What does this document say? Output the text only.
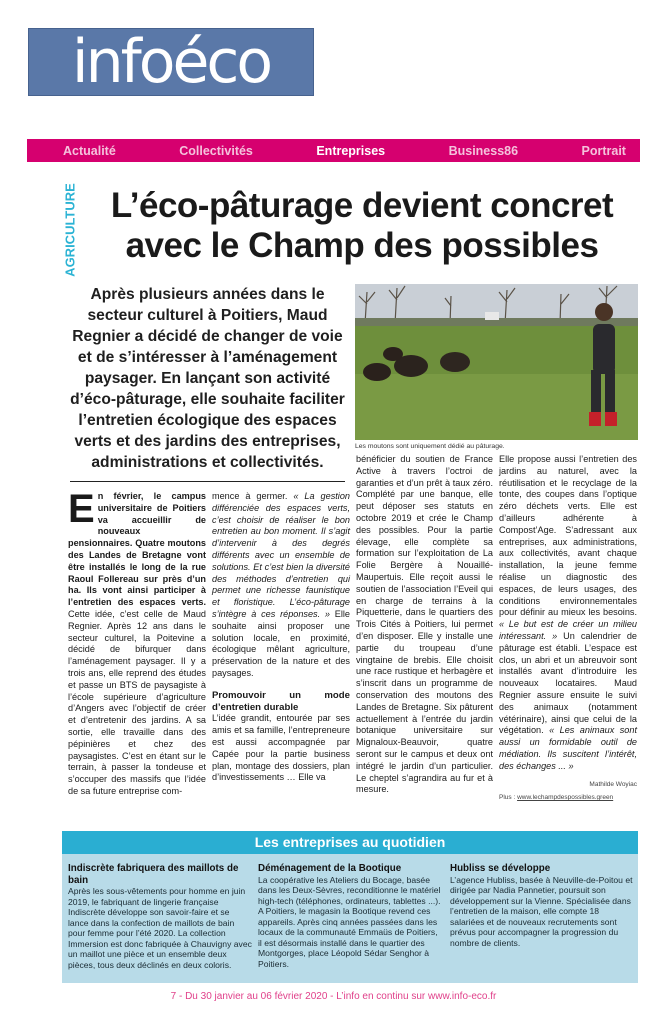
infoéco
Actualité	Collectivités	Entreprises	Business86	Portrait
AGRICULTURE L’éco-pâturage devient concret
avec le Champ des possibles
Après plusieurs années dans le secteur culturel à Poitiers, Maud Regnier a décidé de changer de voie et de s’intéresser à l’aménagement paysager. En lançant son activité d’éco-pâturage, elle souhaite faciliter l’entretien écologique des espaces verts et des jardins des entreprises, administrations et collectivités.
Les moutons sont uniquement dédié au pâturage.

En février, le campus universitaire de Poitiers va accueillir de nouveaux pensionnaires. Quatre moutons des Landes de Bretagne vont être installés le long de la rue Raoul Follereau sur près d’un ha. Ils vont ainsi participer à l’entretien des espaces verts. Cette idée, c’est celle de Maud Regnier. Après 12 ans dans le secteur culturel, la Poitevine a décidé de bifurquer dans l’aménagement paysager. Il y a trois ans, elle reprend des études et passe un BTS de paysagiste à l’école supérieure d’agriculture d’Angers avec l’objectif de créer et d’entretenir des jardins. A sa sortie, elle travaille dans des pépinières et chez des paysagistes. C’est en étant sur le terrain, à passer la tondeuse et s’occuper des massifs que l’idée de sa future entreprise com-

mence à germer. « La gestion différenciée des espaces verts, c’est choisir de réaliser le bon entretien au bon moment. Il s’agit d’intervenir à des degrés différents avec un ensemble de solutions. Et c’est bien la diversité des méthodes d’entretien qui permet une richesse faunistique et floristique. L’éco-pâturage s’intègre à ces réponses. » Elle souhaite ainsi proposer une solution locale, en proximité, écologique mêlant agriculture, préservation de la nature et des paysages.

Promouvoir un mode d’entretien durable

L’idée grandit, entourée par ses amis et sa famille, l’entrepreneure est aussi accompagnée par Capée pour la partie business plan, montage des dossiers, plan d’investissements … Elle va

bénéficier du soutien de France Active à travers l’octroi de garanties et d’un prêt à taux zéro. Complété par une banque, elle peut déposer ses statuts en octobre 2019 et crée le Champ des possibles. Pour la partie élevage, elle complète sa formation sur l’exploitation de La Folie Bergère à Nouaillé-Maupertuis. Elle reçoit aussi le soutien de l’association l’Eveil qui en charge de terrains à la Piquetterie, dans le quartiers des Trois Cités à Poitiers, lui permet d’en disposer. Elle y installe une partie du troupeau d’une vingtaine de brebis. Elle choisit une race rustique et herbagère et s’inscrit dans un programme de conservation des moutons des Landes de Bretagne. Six pâturent actuellement à l’entrée du jardin botanique universitaire sur Mignaloux-Beauvoir, quatre seront sur le campus et deux ont intégré le jardin d’un particulier. Le cheptel s’agrandira au fur et à mesure.

Elle propose aussi l’entretien des jardins au naturel, avec la réutilisation et le recyclage de la tonte, des coupes dans l’optique zéro déchets verts. Elle est d’ailleurs adhérente à Compost’Age. S’adressant aux entreprises, aux administrations, aux collectivités, avant chaque installation, la jeune femme réalise un diagnostic des espaces, de leurs usages, des conditions environnementales pour définir au mieux les besoins. « Le but est de créer un milieu intéressant. » Un calendrier de pâturage est établi. L’espace est clos, un abri et un abreuvoir sont installés avant d’introduire les nouveaux locataires. Maud Regnier assure ensuite le suivi des animaux (notamment vétérinaire), ainsi que celui de la végétation. « Les animaux sont aussi un formidable outil de médiation. Ils suscitent l’intérêt, des échanges ... »

Mathilde Woyiac
Plus : www.lechampdespossibles.green
Les entreprises au quotidien
Indiscrète fabriquera des maillots de bain

Après les sous-vêtements pour homme en juin 2019, le fabriquant de lingerie française Indiscrète développe son savoir-faire et se lance dans la confection de maillots de bain pour femme pour l’été 2020. La collection Immersion est donc fabriquée à Chauvigny avec un maillot une pièce et un ensemble deux pièces, tous deux déclinés en deux coloris.

Déménagement de la Bootique

La coopérative les Ateliers du Bocage, basée dans les Deux-Sèvres, reconditionne le matériel high-tech (téléphones, ordinateurs, tablettes ...). A Poitiers, le magasin la Bootique revend ces appareils. Après cinq années passées dans les locaux de la communauté Emmaüs de Poitiers, il est désormais installé dans le quartier des Montgorges, place Léopold Sédar Senghor à Poitiers.

Hubliss se développe

L’agence Hubliss, basée à Neuville-de-Poitou et dirigée par Nadia Pannetier, poursuit son développement sur la Vienne. Spécialisée dans l’entretien de la maison, elle compte 18 salariées et de nouveaux recrutements sont prévus pour accompagner la progression du nombre de clients.

7 - Du 30 janvier au 06 février 2020 - L’info en continu sur www.info-eco.fr
